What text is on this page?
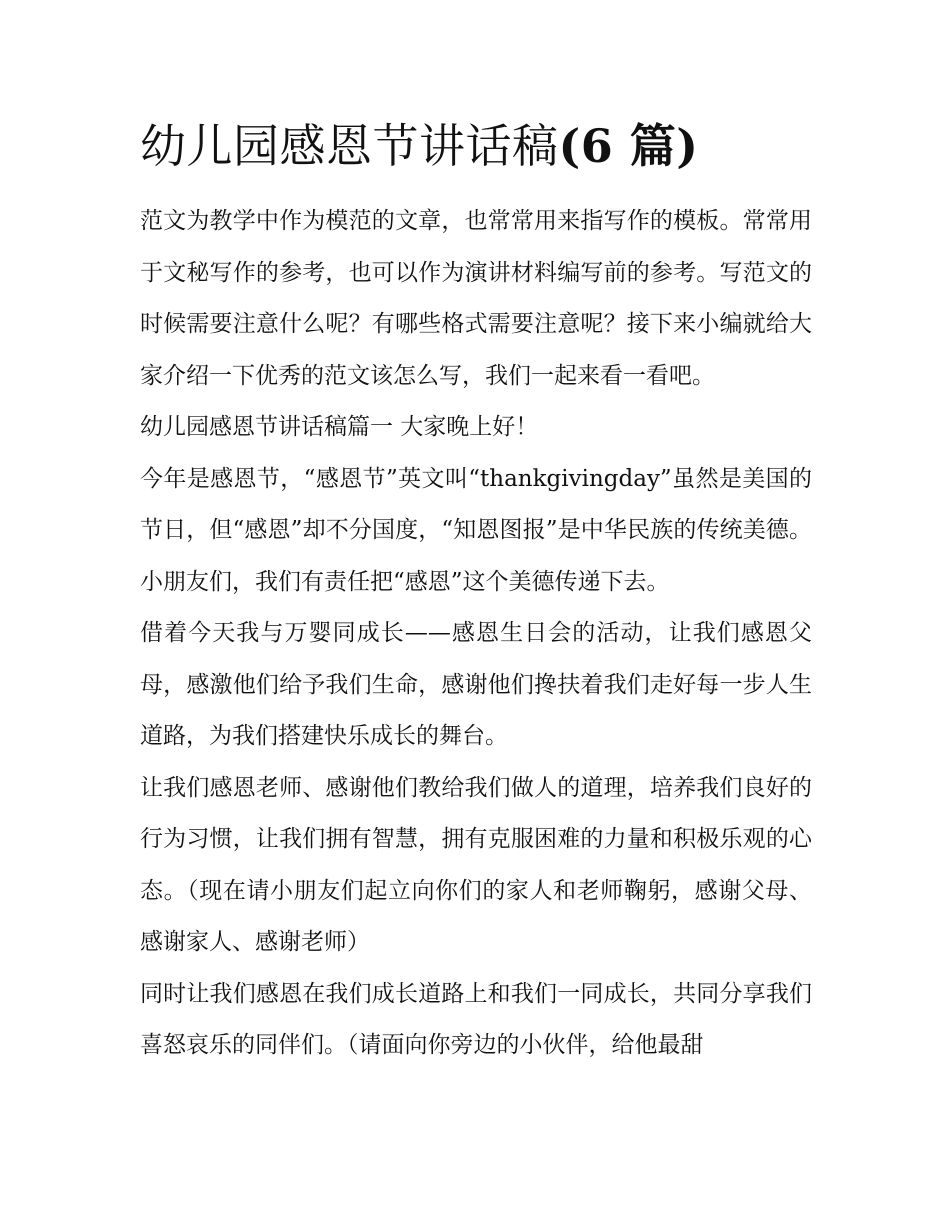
幼儿园感恩节讲话稿(6 篇)

范文为教学中作为模范的文章，也常常用来指写作的模板。常常用于文秘写作的参考，也可以作为演讲材料编写前的参考。写范文的时候需要注意什么呢？有哪些格式需要注意呢？接下来小编就给大家介绍一下优秀的范文该怎么写，我们一起来看一看吧。

幼儿园感恩节讲话稿篇一 大家晚上好！

今年是感恩节，“感恩节”英文叫“thankgivingday”虽然是美国的节日，但“感恩”却不分国度，“知恩图报”是中华民族的传统美德。小朋友们，我们有责任把“感恩”这个美德传递下去。

借着今天我与万婴同成长——感恩生日会的活动，让我们感恩父母，感激他们给予我们生命，感谢他们搀扶着我们走好每一步人生道路，为我们搭建快乐成长的舞台。

让我们感恩老师、感谢他们教给我们做人的道理，培养我们良好的行为习惯，让我们拥有智慧，拥有克服困难的力量和积极乐观的心态。（现在请小朋友们起立向你们的家人和老师鞠躬，感谢父母、感谢家人、感谢老师）

同时让我们感恩在我们成长道路上和我们一同成长，共同分享我们喜怒哀乐的同伴们。（请面向你旁边的小伙伴，给他最甜
